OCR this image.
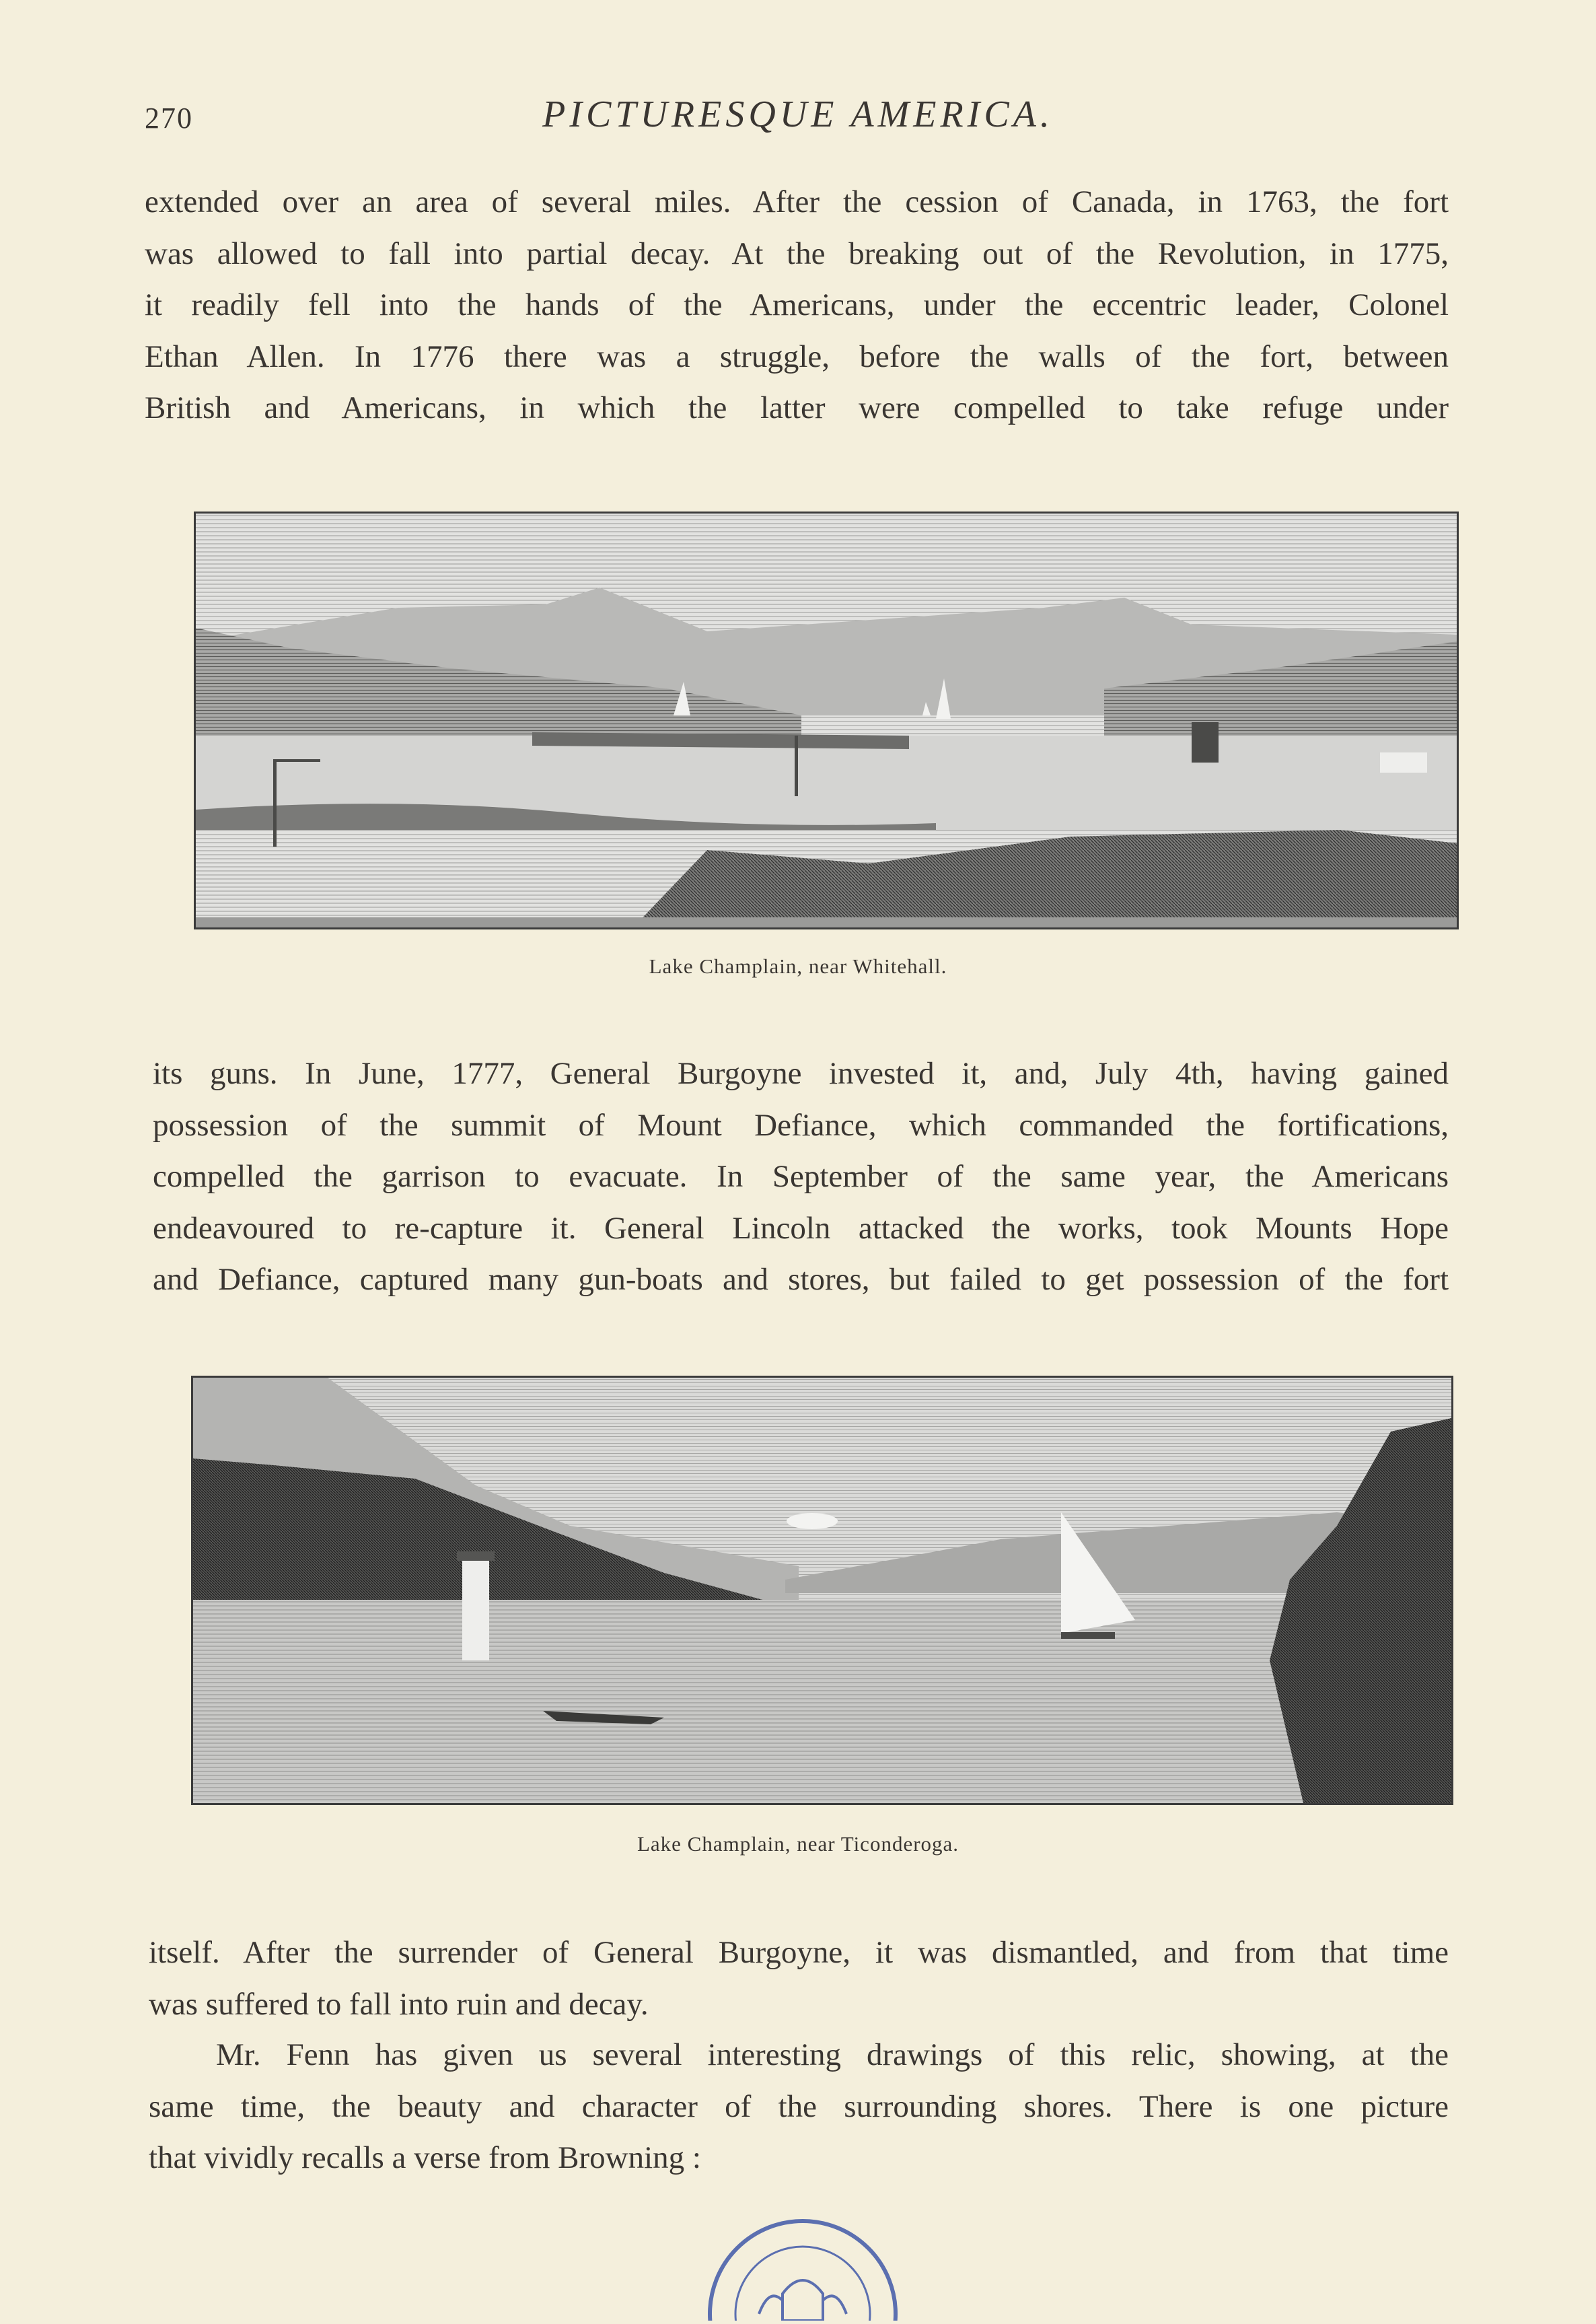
270	PICTURESQUE AMERICA.
extended over an area of several miles. After the cession of Canada, in 1763, the fort
was allowed to fall into partial decay. At the breaking out of the Revolution, in 1775,
it readily fell into the hands of the Americans, under the eccentric leader, Colonel
Ethan Allen. In 1776 there was a struggle, before the walls of the fort, between
British and Americans, in which the latter were compelled to take refuge under
Lake Champlain, near Whitehall.
its guns. In June, 1777, General Burgoyne invested it, and, July 4th, having gained
possession of the summit of Mount Defiance, which commanded the fortifications,
compelled the garrison to evacuate. In September of the same year, the Americans
endeavoured to re-capture it. General Lincoln attacked the works, took Mounts Hope
and Defiance, captured many gun-boats and stores, but failed to get possession of the fort
Lake Champlain, near Ticonderoga.
itself. After the surrender of General Burgoyne, it was dismantled, and from that time
was suffered to fall into ruin and decay.
Mr. Fenn has given us several interesting drawings of this relic, showing, at the
same time, the beauty and character of the surrounding shores. There is one picture
that vividly recalls a verse from Browning :
